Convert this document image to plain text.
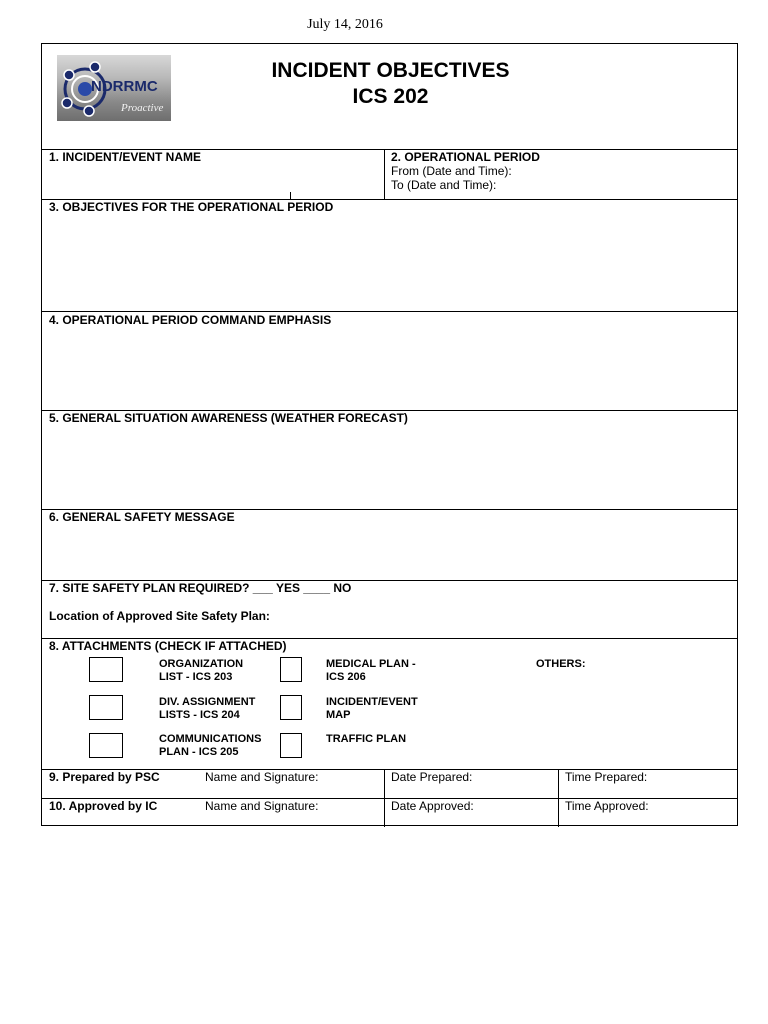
July 14, 2016
NDRRMC
Proactive
INCIDENT OBJECTIVES
ICS 202
1. INCIDENT/EVENT NAME	2. OPERATIONAL PERIOD
From (Date and Time):
To (Date and Time):
3. OBJECTIVES FOR THE OPERATIONAL PERIOD
4. OPERATIONAL PERIOD COMMAND EMPHASIS
5. GENERAL SITUATION AWARENESS (WEATHER FORECAST)
6. GENERAL SAFETY MESSAGE
7. SITE SAFETY PLAN REQUIRED? ___ YES ____ NO
Location of Approved Site Safety Plan:
8. ATTACHMENTS (CHECK IF ATTACHED)
ORGANIZATION
LIST - ICS 203
DIV. ASSIGNMENT
LISTS - ICS 204
COMMUNICATIONS
PLAN - ICS 205
MEDICAL PLAN -
ICS 206
INCIDENT/EVENT
MAP
TRAFFIC PLAN
OTHERS:
9. Prepared by PSC	Name and Signature:	Date Prepared:	Time Prepared:
10. Approved by IC	Name and Signature:	Date Approved:	Time Approved:
